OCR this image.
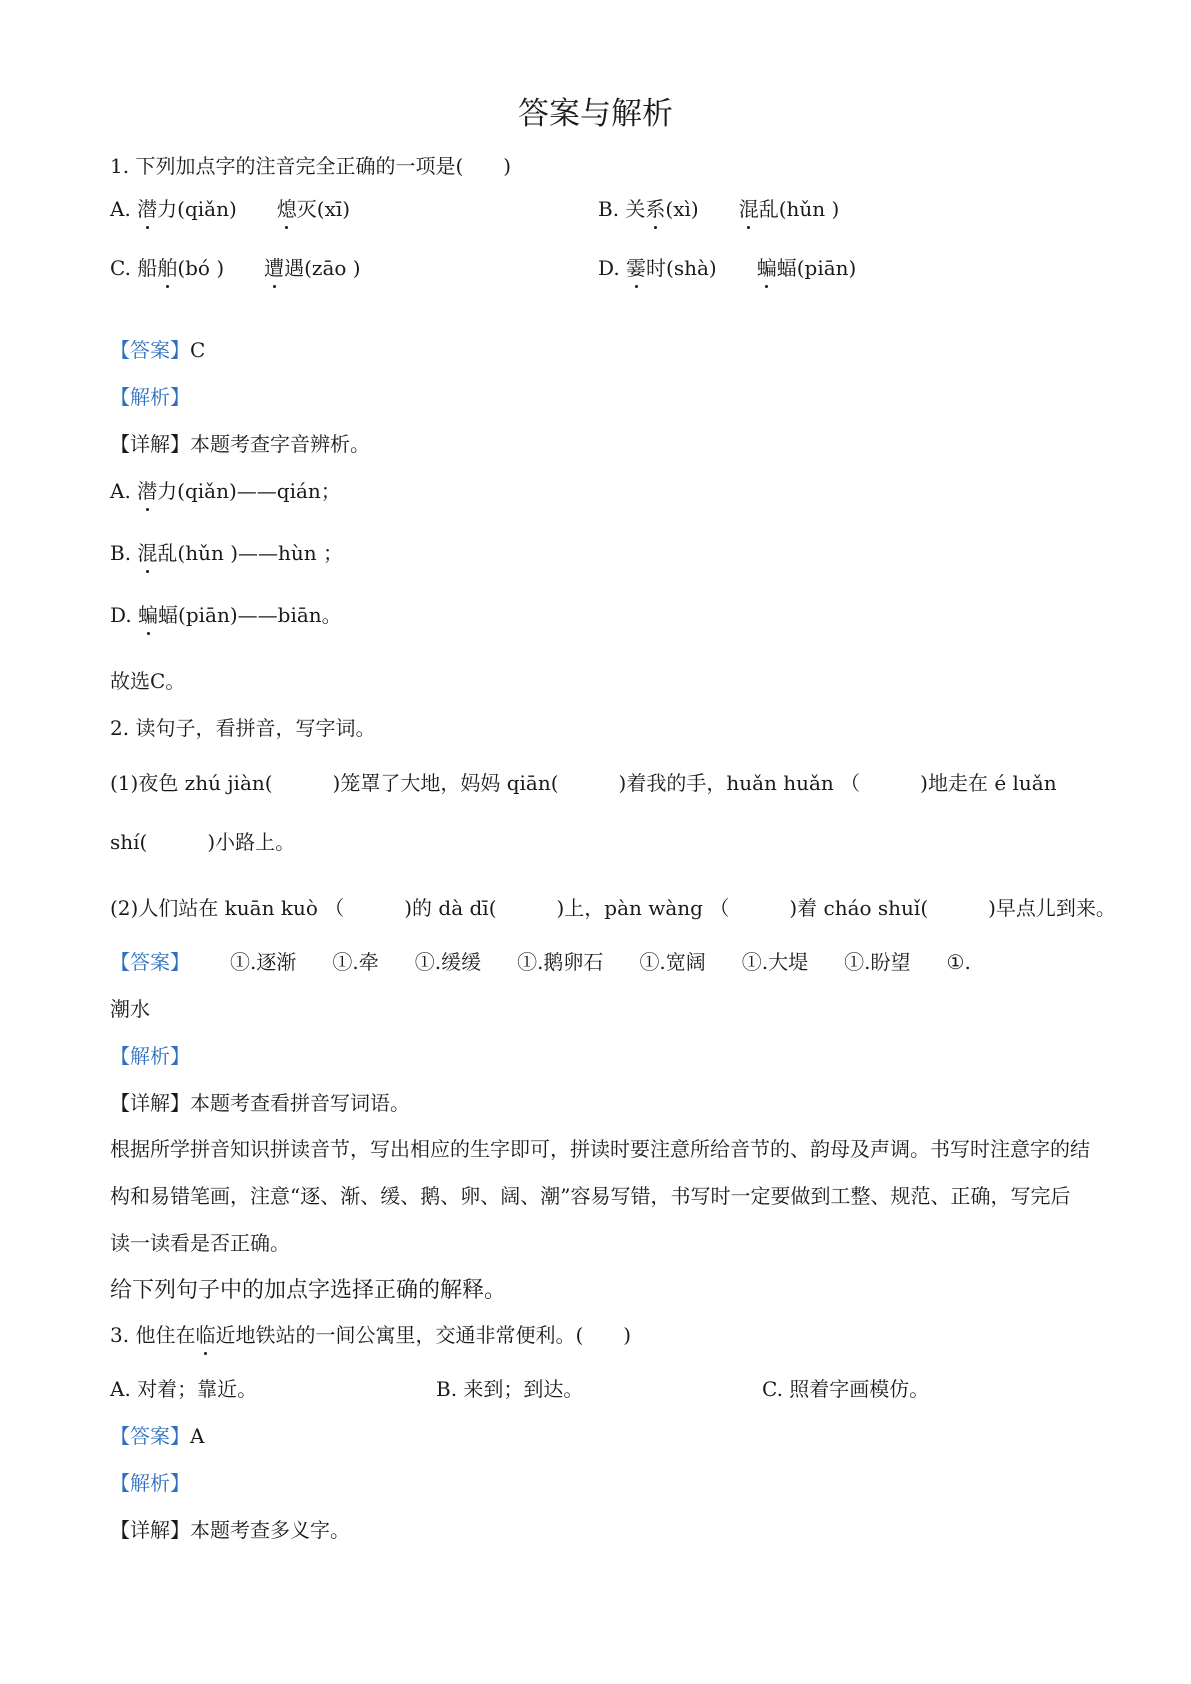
答案与解析
1. 下列加点字的注音完全正确的一项是(　　)
A. 潜力(qiǎn) 熄灭(xī)	B. 关系(xì) 混乱(hǔn )
C. 船舶(bó ) 遭遇(zāo )	D. 霎时(shà) 蝙蝠(piān)
【答案】C
【解析】
【详解】本题考查字音辨析。
A. 潜力(qiǎn)——qián；
B. 混乱(hǔn )——hùn ；
D. 蝙蝠(piān)——biān。
故选C。
2. 读句子，看拼音，写字词。
(1)夜色 zhú jiàn(　　　)笼罩了大地，妈妈 qiān(　　　)着我的手，huǎn huǎn （　　　)地走在 é luǎn
shí(　　　)小路上。
(2)人们站在 kuān kuò （　　　)的 dà dī(　　　)上，pàn wàng （　　　)着 cháo shuǐ(　　　)早点儿到来。
【答案】 ①.逐渐 ①.牵 ①.缓缓 ①.鹅卵石 ①.宽阔 ①.大堤 ①.盼望 ①.
潮水
【解析】
【详解】本题考查看拼音写词语。
根据所学拼音知识拼读音节，写出相应的生字即可，拼读时要注意所给音节的、韵母及声调。书写时注意字的结构和易错笔画，注意“逐、渐、缓、鹅、卵、阔、潮”容易写错，书写时一定要做到工整、规范、正确，写完后读一读看是否正确。
给下列句子中的加点字选择正确的解释。
3. 他住在临近地铁站的一间公寓里，交通非常便利。(　　)
A. 对着；靠近。	B. 来到；到达。	C. 照着字画模仿。
【答案】A
【解析】
【详解】本题考查多义字。
